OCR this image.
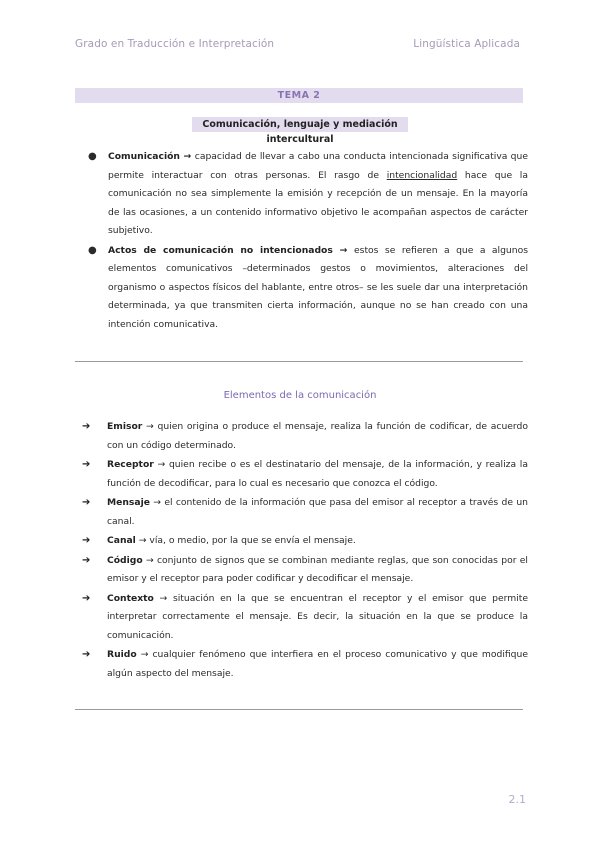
Grado en Traducción e Interpretación	Lingüística Aplicada
TEMA 2
Comunicación, lenguaje y mediación intercultural
● Comunicación → capacidad de llevar a cabo una conducta intencionada significativa que permite interactuar con otras personas. El rasgo de intencionalidad hace que la comunicación no sea simplemente la emisión y recepción de un mensaje. En la mayoría de las ocasiones, a un contenido informativo objetivo le acompañan aspectos de carácter subjetivo.
● Actos de comunicación no intencionados → estos se refieren a que a algunos elementos comunicativos –determinados gestos o movimientos, alteraciones del organismo o aspectos físicos del hablante, entre otros– se les suele dar una interpretación determinada, ya que transmiten cierta información, aunque no se han creado con una intención comunicativa.
Elementos de la comunicación
➔ Emisor → quien origina o produce el mensaje, realiza la función de codificar, de acuerdo con un código determinado.
➔ Receptor → quien recibe o es el destinatario del mensaje, de la información, y realiza la función de decodificar, para lo cual es necesario que conozca el código.
➔ Mensaje → el contenido de la información que pasa del emisor al receptor a través de un canal.
➔ Canal → vía, o medio, por la que se envía el mensaje.
➔ Código → conjunto de signos que se combinan mediante reglas, que son conocidas por el emisor y el receptor para poder codificar y decodificar el mensaje.
➔ Contexto → situación en la que se encuentran el receptor y el emisor que permite interpretar correctamente el mensaje. Es decir, la situación en la que se produce la comunicación.
➔ Ruido → cualquier fenómeno que interfiera en el proceso comunicativo y que modifique algún aspecto del mensaje.
2.1
